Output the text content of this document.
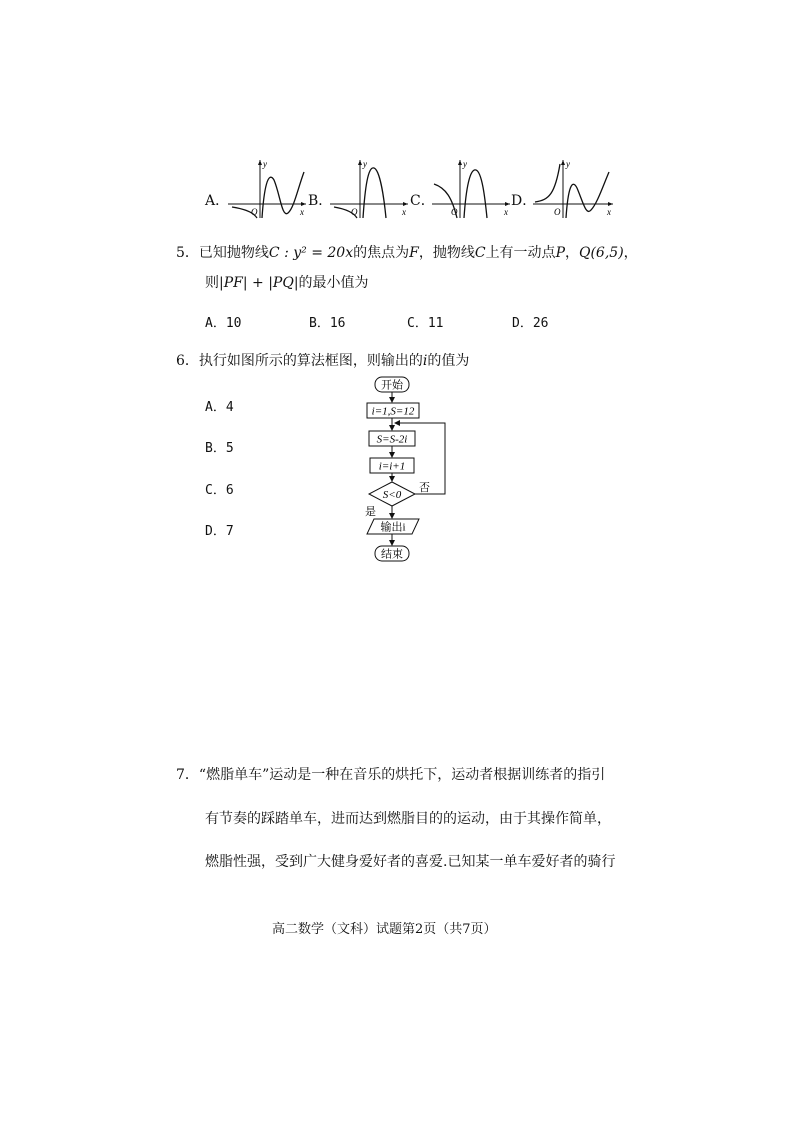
A．
y
x
O
B．
y
x
O
C．
y
x
O
D．
y
x
O
5．已知抛物线C : y² = 20x的焦点为F，抛物线C上有一动点P，Q(6,5)，
则|PF| + |PQ|的最小值为
A．10	B．16	C．11	D．26
6．执行如图所示的算法框图，则输出的i的值为
A．4
B．5
C．6
D．7
开始
i=1,S=12
S=S-2i
i=i+1
S<0
否
是
输出i
结束
7．“燃脂单车”运动是一种在音乐的烘托下，运动者根据训练者的指引
有节奏的踩踏单车，进而达到燃脂目的的运动，由于其操作简单，
燃脂性强，受到广大健身爱好者的喜爱.已知某一单车爱好者的骑行
高二数学（文科）试题第2页（共7页）
